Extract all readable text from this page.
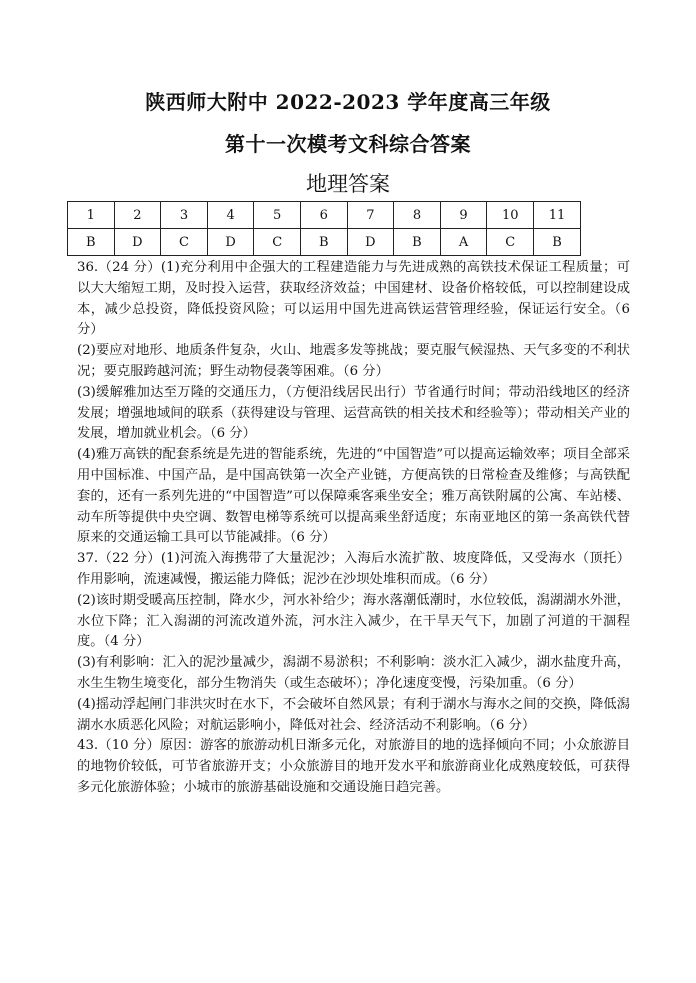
陕西师大附中 2022-2023 学年度高三年级
第十一次模考文科综合答案
地理答案
1	2	3	4	5	6	7	8	9	10	11
B	D	C	D	C	B	D	B	A	C	B

36.（24 分）(1)充分利用中企强大的工程建造能力与先进成熟的高铁技术保证工程质量；可以大大缩短工期，及时投入运营，获取经济效益；中国建材、设备价格较低，可以控制建设成本，减少总投资，降低投资风险；可以运用中国先进高铁运营管理经验，保证运行安全。（6 分）

(2)要应对地形、地质条件复杂，火山、地震多发等挑战；要克服气候湿热、天气多变的不利状况；要克服跨越河流；野生动物侵袭等困难。（6 分）

(3)缓解雅加达至万隆的交通压力，（方便沿线居民出行）节省通行时间；带动沿线地区的经济发展；增强地域间的联系（获得建设与管理、运营高铁的相关技术和经验等）；带动相关产业的发展，增加就业机会。（6 分）

(4)雅万高铁的配套系统是先进的智能系统，先进的“中国智造”可以提高运输效率；项目全部采用中国标准、中国产品，是中国高铁第一次全产业链，方便高铁的日常检查及维修；与高铁配套的，还有一系列先进的“中国智造”可以保障乘客乘坐安全；雅万高铁附属的公寓、车站楼、动车所等提供中央空调、数智电梯等系统可以提高乘坐舒适度；东南亚地区的第一条高铁代替原来的交通运输工具可以节能减排。（6 分）

37.（22 分）(1)河流入海携带了大量泥沙；入海后水流扩散、坡度降低，又受海水（顶托）作用影响，流速减慢，搬运能力降低；泥沙在沙坝处堆积而成。（6 分）

(2)该时期受暖高压控制，降水少，河水补给少；海水落潮低潮时，水位较低，潟湖湖水外泄，水位下降；汇入潟湖的河流改道外流，河水注入减少，在干旱天气下，加剧了河道的干涸程度。（4 分）

(3)有利影响：汇入的泥沙量减少，潟湖不易淤积；不利影响：淡水汇入减少，湖水盐度升高，水生生物生境变化，部分生物消失（或生态破坏）；净化速度变慢，污染加重。（6 分）

(4)摇动浮起闸门非洪灾时在水下，不会破坏自然风景；有利于湖水与海水之间的交换，降低潟湖水水质恶化风险；对航运影响小，降低对社会、经济活动不利影响。（6 分）

43.（10 分）原因：游客的旅游动机日渐多元化，对旅游目的地的选择倾向不同；小众旅游目的地物价较低，可节省旅游开支；小众旅游目的地开发水平和旅游商业化成熟度较低，可获得多元化旅游体验；小城市的旅游基础设施和交通设施日趋完善。
